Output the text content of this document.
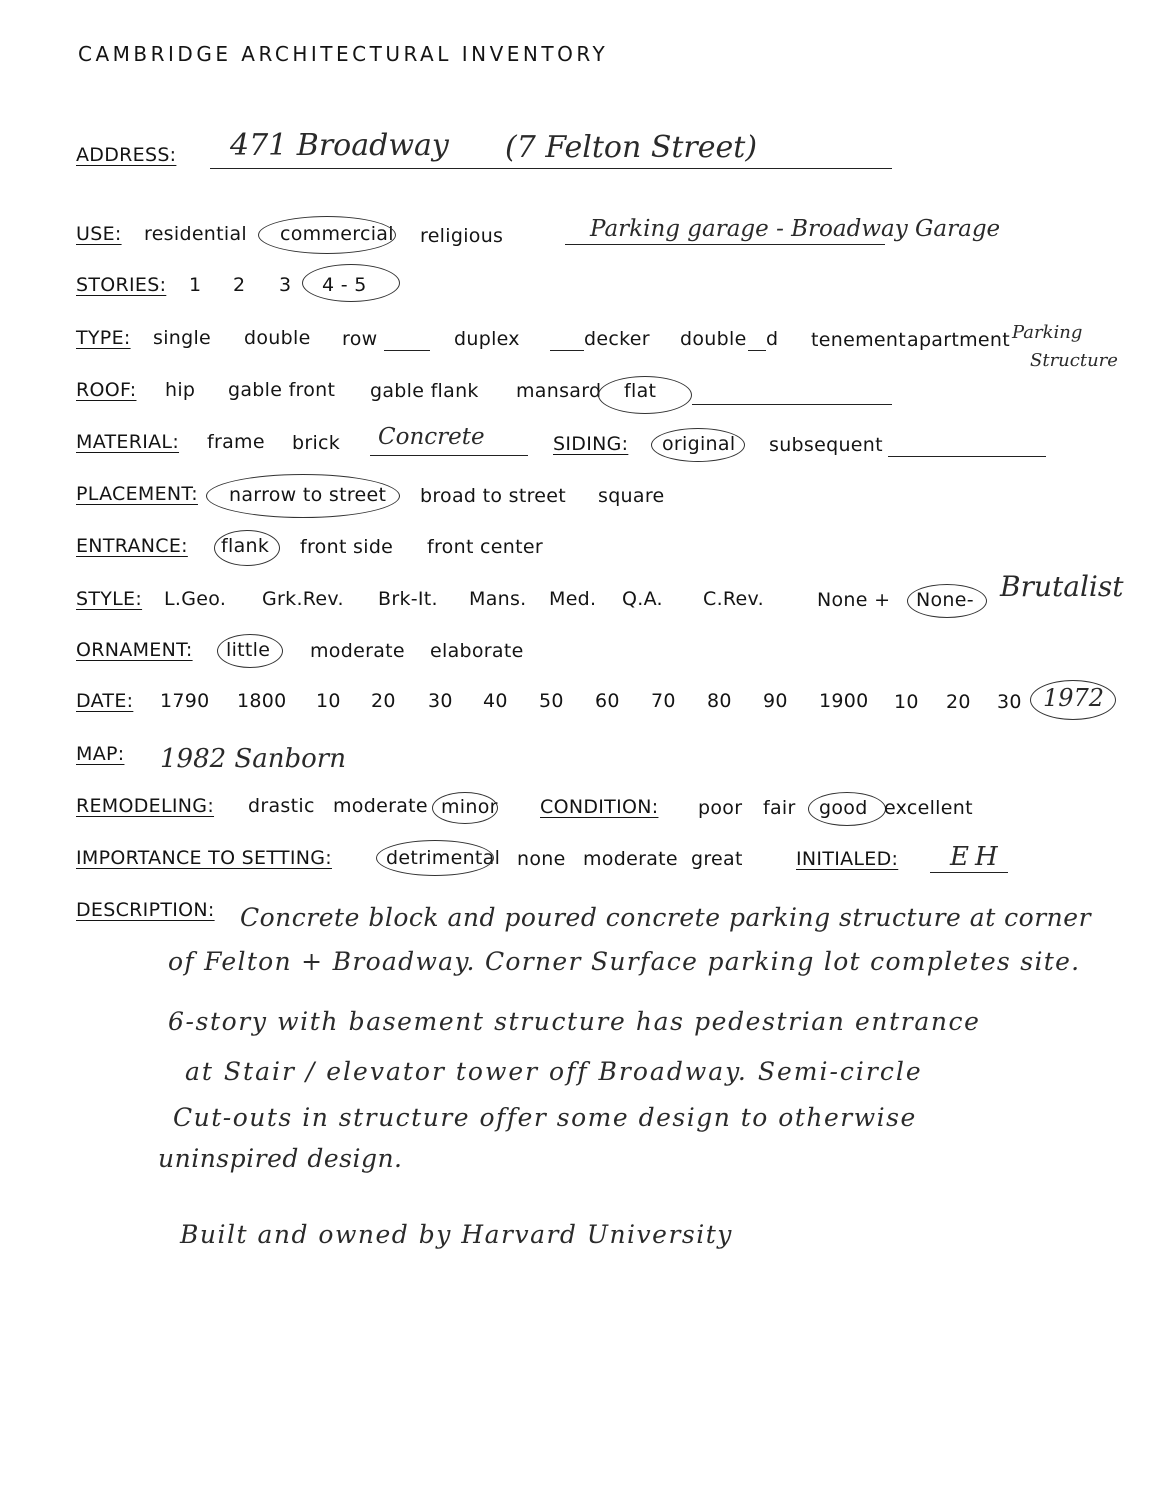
CAMBRIDGE ARCHITECTURAL INVENTORY
ADDRESS: 471 Broadway (7 Felton Street)
USE: residential commercial religious	Parking garage - Broadway Garage
STORIES: 1 2 3 4 - 5
TYPE: single double row	duplex	decker double d tenement apartment Parking
Structure
ROOF: hip gable front gable flank mansard flat
MATERIAL: frame brick Concrete	SIDING: original subsequent
PLACEMENT: narrow to street broad to street square
ENTRANCE: flank front side front center
STYLE: L.Geo. Grk.Rev. Brk-It. Mans. Med. Q.A. C.Rev.	None + None- Brutalist
ORNAMENT: little moderate elaborate
DATE: 1790 1800 10 20 30 40 50 60 70 80 90 1900 10 20 30 1972
MAP: 1982 Sanborn
REMODELING: drastic moderate minor CONDITION: poor fair good excellent
IMPORTANCE TO SETTING:	detrimental none moderate great	INITIALED: EH
DESCRIPTION: Concrete block and poured concrete parking structure at corner
of Felton + Broadway. Corner Surface parking lot completes site.
6-story with basement structure has pedestrian entrance
at Stair / elevator tower off Broadway. Semi-circle
Cut-outs in structure offer some design to otherwise
uninspired design.
Built and owned by Harvard University
